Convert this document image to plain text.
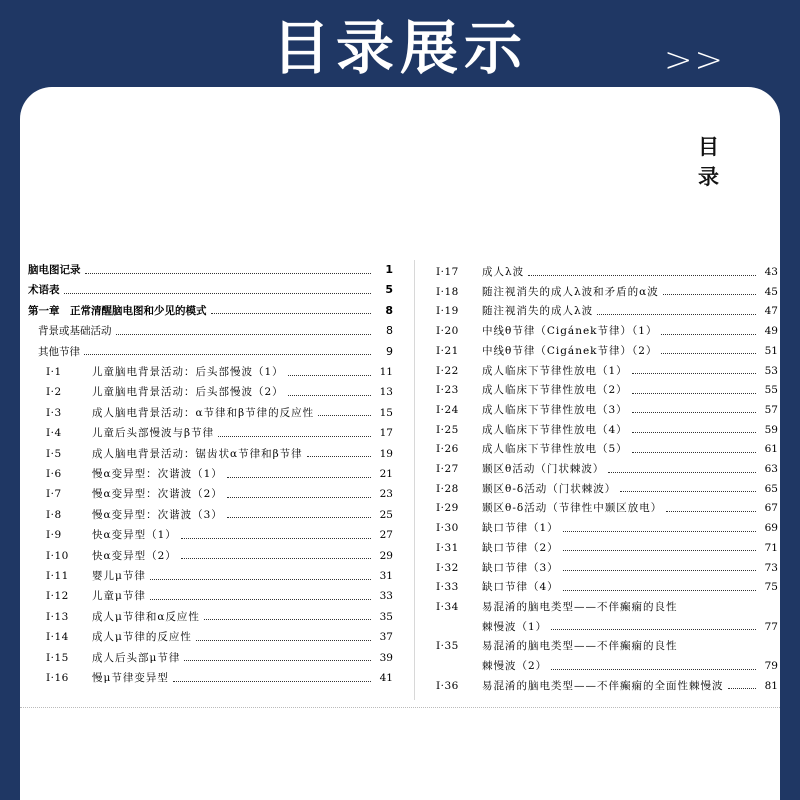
目录展示	>>
目 录
脑电图记录	1
术语表	5
第一章　正常清醒脑电图和少见的模式	8
背景或基础活动	8
其他节律	9
Ⅰ·1	儿童脑电背景活动：后头部慢波（1）	11
Ⅰ·2	儿童脑电背景活动：后头部慢波（2）	13
Ⅰ·3	成人脑电背景活动：α节律和β节律的反应性	15
Ⅰ·4	儿童后头部慢波与β节律	17
Ⅰ·5	成人脑电背景活动：锯齿状α节律和β节律	19
Ⅰ·6	慢α变异型：次谐波（1）	21
Ⅰ·7	慢α变异型：次谐波（2）	23
Ⅰ·8	慢α变异型：次谐波（3）	25
Ⅰ·9	快α变异型（1）	27
Ⅰ·10	快α变异型（2）	29
Ⅰ·11	婴儿μ节律	31
Ⅰ·12	儿童μ节律	33
Ⅰ·13	成人μ节律和α反应性	35
Ⅰ·14	成人μ节律的反应性	37
Ⅰ·15	成人后头部μ节律	39
Ⅰ·16	慢μ节律变异型	41
Ⅰ·17	成人λ波	43
Ⅰ·18	随注视消失的成人λ波和矛盾的α波	45
Ⅰ·19	随注视消失的成人λ波	47
Ⅰ·20	中线θ节律（Cigánek节律）（1）	49
Ⅰ·21	中线θ节律（Cigánek节律）（2）	51
Ⅰ·22	成人临床下节律性放电（1）	53
Ⅰ·23	成人临床下节律性放电（2）	55
Ⅰ·24	成人临床下节律性放电（3）	57
Ⅰ·25	成人临床下节律性放电（4）	59
Ⅰ·26	成人临床下节律性放电（5）	61
Ⅰ·27	颞区θ活动（门状棘波）	63
Ⅰ·28	颞区θ-δ活动（门状棘波）	65
Ⅰ·29	颞区θ-δ活动（节律性中颞区放电）	67
Ⅰ·30	缺口节律（1）	69
Ⅰ·31	缺口节律（2）	71
Ⅰ·32	缺口节律（3）	73
Ⅰ·33	缺口节律（4）	75
Ⅰ·34	易混淆的脑电类型——不伴癫痫的良性
棘慢波（1）	77
Ⅰ·35	易混淆的脑电类型——不伴癫痫的良性
棘慢波（2）	79
Ⅰ·36	易混淆的脑电类型——不伴癫痫的全面性棘慢波	81
